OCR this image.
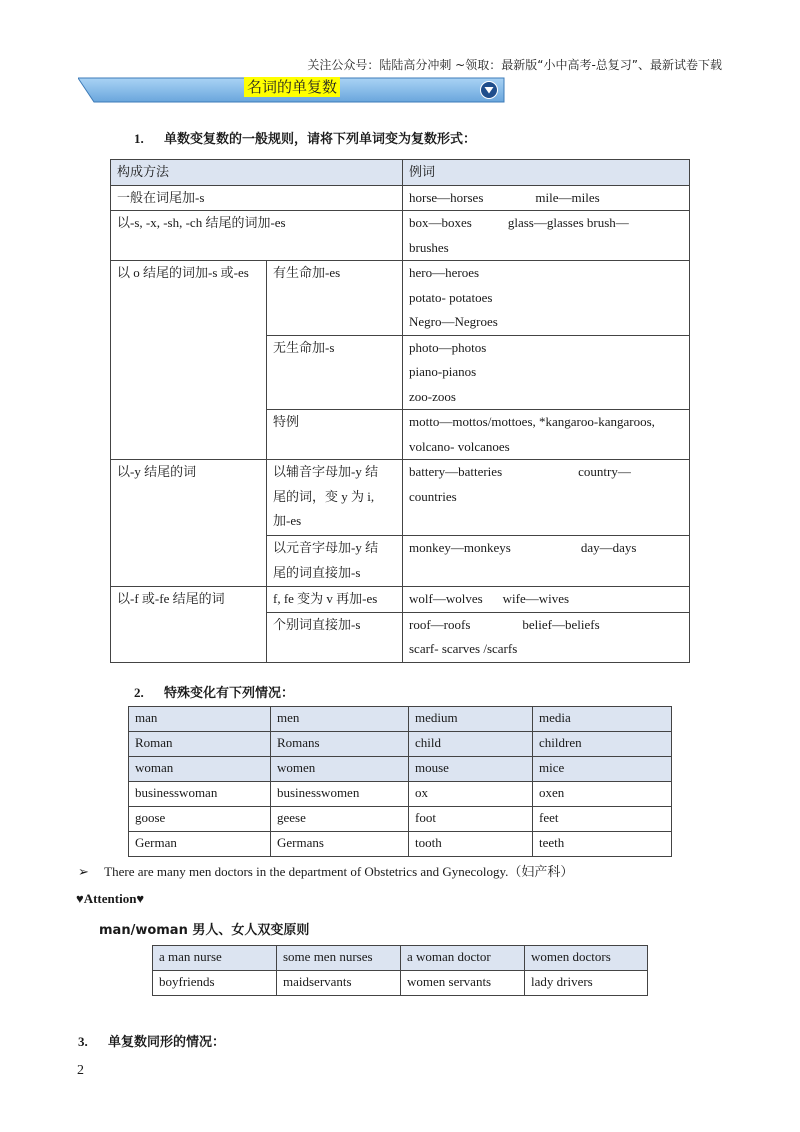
关注公众号：陆陆高分冲刺 ~领取：最新版“小中高考-总复习”、最新试卷下载
名词的单复数
1. 单数变复数的一般规则，请将下列单词变为复数形式：
构成方法		例词
一般在词尾加-s		horse—horses mile—miles
以-s, -x, -sh, -ch 结尾的词加-es		box—boxes glass—glasses brush—
brushes
以 o 结尾的词加-s 或-es	有生命加-es	hero—heroes
potato- potatoes
Negro—Negroes
	无生命加-s	photo—photos
piano-pianos
zoo-zoos
	特例	motto—mottos/mottoes, *kangaroo-kangaroos,
volcano- volcanoes
以-y 结尾的词	以辅音字母加-y 结
尾的词，变 y 为 i,
加-es	battery—batteries country—
countries
	以元音字母加-y 结
尾的词直接加-s	monkey—monkeys day—days
以-f 或-fe 结尾的词	f, fe 变为 v 再加-es	wolf—wolves wife—wives
	个别词直接加-s	roof—roofs belief—beliefs
scarf- scarves /scarfs
2. 特殊变化有下列情况：
man	men	medium	media
Roman	Romans	child	children
woman	women	mouse	mice
businesswoman	businesswomen	ox	oxen
goose	geese	foot	feet
German	Germans	tooth	teeth
➢ There are many men doctors in the department of Obstetrics and Gynecology.（妇产科）
♥Attention♥
man/woman 男人、女人双变原则
a man nurse	some men nurses	a woman doctor	women doctors
boyfriends	maidservants	women servants	lady drivers
3. 单复数同形的情况：
2
